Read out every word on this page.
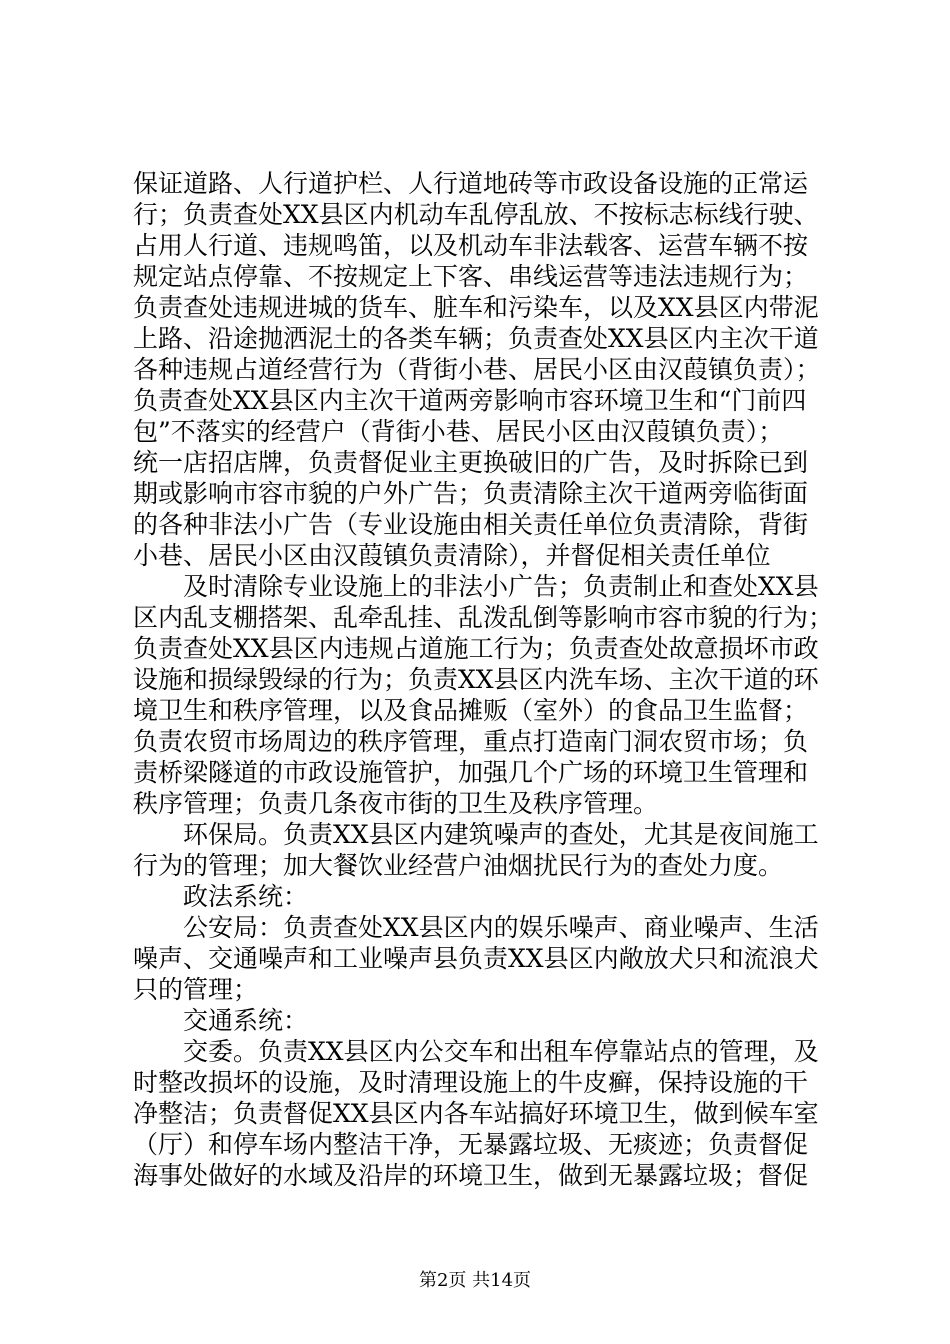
保证道路、人行道护栏、人行道地砖等市政设备设施的正常运
行；负责查处XX县区内机动车乱停乱放、不按标志标线行驶、
占用人行道、违规鸣笛，以及机动车非法载客、运营车辆不按
规定站点停靠、不按规定上下客、串线运营等违法违规行为；
负责查处违规进城的货车、脏车和污染车，以及XX县区内带泥
上路、沿途抛洒泥土的各类车辆；负责查处XX县区内主次干道
各种违规占道经营行为（背街小巷、居民小区由汉葭镇负责）；
负责查处XX县区内主次干道两旁影响市容环境卫生和“门前四
包”不落实的经营户（背街小巷、居民小区由汉葭镇负责）；
统一店招店牌，负责督促业主更换破旧的广告，及时拆除已到
期或影响市容市貌的户外广告；负责清除主次干道两旁临街面
的各种非法小广告（专业设施由相关责任单位负责清除，背街
小巷、居民小区由汉葭镇负责清除），并督促相关责任单位
　　及时清除专业设施上的非法小广告；负责制止和查处XX县
区内乱支棚搭架、乱牵乱挂、乱泼乱倒等影响市容市貌的行为；
负责查处XX县区内违规占道施工行为；负责查处故意损坏市政
设施和损绿毁绿的行为；负责XX县区内洗车场、主次干道的环
境卫生和秩序管理，以及食品摊贩（室外）的食品卫生监督；
负责农贸市场周边的秩序管理，重点打造南门洞农贸市场；负
责桥梁隧道的市政设施管护，加强几个广场的环境卫生管理和
秩序管理；负责几条夜市街的卫生及秩序管理。
　　环保局。负责XX县区内建筑噪声的查处，尤其是夜间施工
行为的管理；加大餐饮业经营户油烟扰民行为的查处力度。
　　政法系统：
　　公安局：负责查处XX县区内的娱乐噪声、商业噪声、生活
噪声、交通噪声和工业噪声县负责XX县区内敞放犬只和流浪犬
只的管理；
　　交通系统：
　　交委。负责XX县区内公交车和出租车停靠站点的管理，及
时整改损坏的设施，及时清理设施上的牛皮癣，保持设施的干
净整洁；负责督促XX县区内各车站搞好环境卫生，做到候车室
（厅）和停车场内整洁干净，无暴露垃圾、无痰迹；负责督促
海事处做好的水域及沿岸的环境卫生，做到无暴露垃圾；督促
第2页 共14页
